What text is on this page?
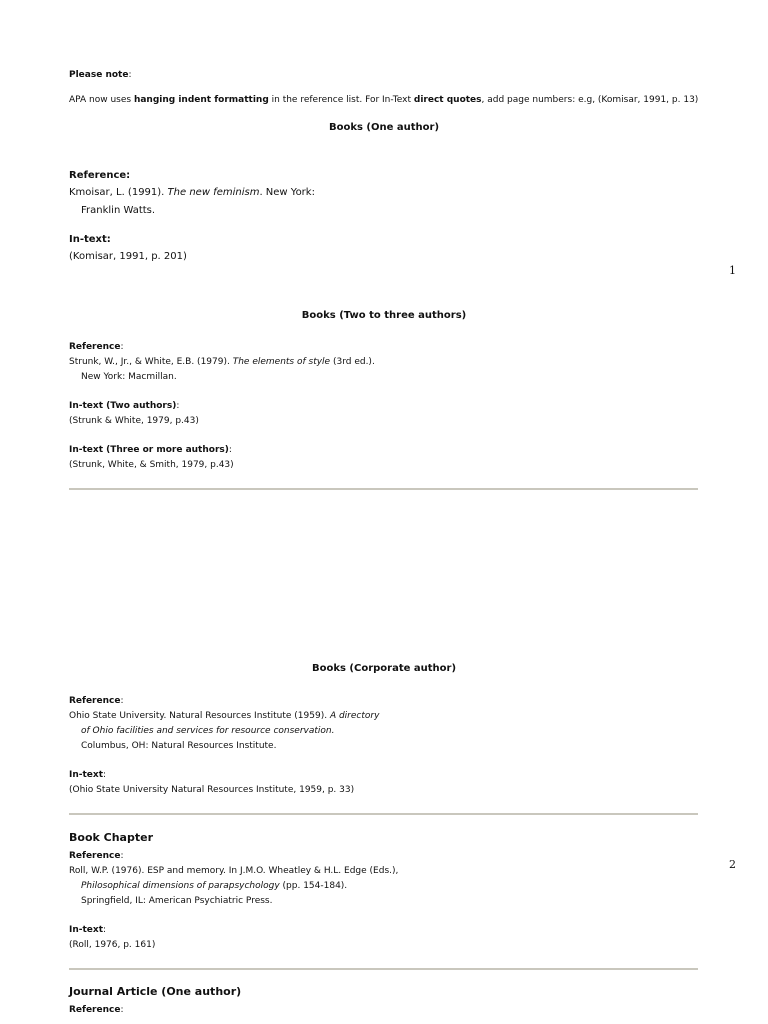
Please note:
APA now uses hanging indent formatting in the reference list. For In-Text direct quotes, add page numbers: e.g, (Komisar, 1991, p. 13)
Books (One author)
Reference:
Kmoisar, L. (1991). The new feminism. New York:
Franklin Watts.
In-text:
(Komisar, 1991, p. 201)
1
Books (Two to three authors)
Reference:
Strunk, W., Jr., & White, E.B. (1979). The elements of style (3rd ed.).
New York: Macmillan.
In-text (Two authors):
(Strunk & White, 1979, p.43)
In-text (Three or more authors):
(Strunk, White, & Smith, 1979, p.43)
Books (Corporate author)
Reference:
Ohio State University. Natural Resources Institute (1959). A directory
of Ohio facilities and services for resource conservation.
Columbus, OH: Natural Resources Institute.
In-text:
(Ohio State University Natural Resources Institute, 1959, p. 33)
Book Chapter
Reference:
Roll, W.P. (1976). ESP and memory. In J.M.O. Wheatley & H.L. Edge (Eds.),
Philosophical dimensions of parapsychology (pp. 154-184).
Springfield, IL: American Psychiatric Press.
In-text:
(Roll, 1976, p. 161)
2
Journal Article (One author)
Reference:
